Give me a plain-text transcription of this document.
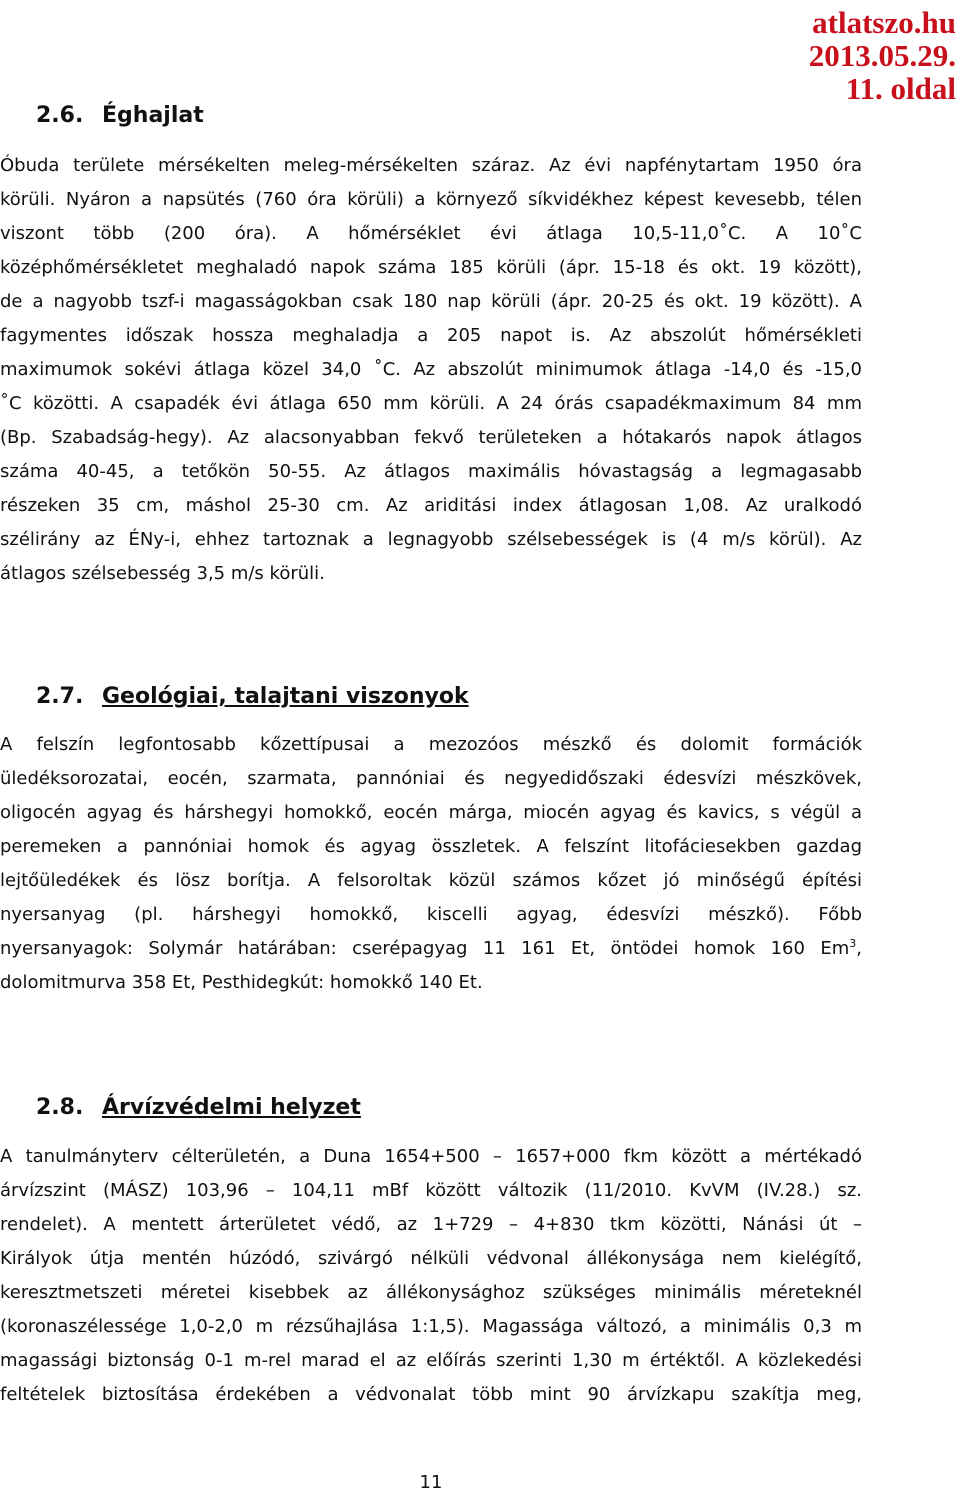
atlatszo.hu
2013.05.29.
11. oldal
2.6. Éghajlat
Óbuda területe mérsékelten meleg-mérsékelten száraz. Az évi napfénytartam 1950 óra
körüli. Nyáron a napsütés (760 óra körüli) a környező síkvidékhez képest kevesebb, télen
viszont több (200 óra). A hőmérséklet évi átlaga 10,5-11,0˚C. A 10˚C
középhőmérsékletet meghaladó napok száma 185 körüli (ápr. 15-18 és okt. 19 között),
de a nagyobb tszf-i magasságokban csak 180 nap körüli (ápr. 20-25 és okt. 19 között). A
fagymentes időszak hossza meghaladja a 205 napot is. Az abszolút hőmérsékleti
maximumok sokévi átlaga közel 34,0 ˚C. Az abszolút minimumok átlaga -14,0 és -15,0
˚C közötti. A csapadék évi átlaga 650 mm körüli. A 24 órás csapadékmaximum 84 mm
(Bp. Szabadság-hegy). Az alacsonyabban fekvő területeken a hótakarós napok átlagos
száma 40-45, a tetőkön 50-55. Az átlagos maximális hóvastagság a legmagasabb
részeken 35 cm, máshol 25-30 cm. Az ariditási index átlagosan 1,08. Az uralkodó
szélirány az ÉNy-i, ehhez tartoznak a legnagyobb szélsebességek is (4 m/s körül). Az
átlagos szélsebesség 3,5 m/s körüli.
2.7. Geológiai, talajtani viszonyok
A felszín legfontosabb kőzettípusai a mezozóos mészkő és dolomit formációk
üledéksorozatai, eocén, szarmata, pannóniai és negyedidőszaki édesvízi mészkövek,
oligocén agyag és hárshegyi homokkő, eocén márga, miocén agyag és kavics, s végül a
peremeken a pannóniai homok és agyag összletek. A felszínt litofáciesekben gazdag
lejtőüledékek és lösz borítja. A felsoroltak közül számos kőzet jó minőségű építési
nyersanyag (pl. hárshegyi homokkő, kiscelli agyag, édesvízi mészkő). Főbb
nyersanyagok: Solymár határában: cserépagyag 11 161 Et, öntödei homok 160 Em$^3$,
dolomitmurva 358 Et, Pesthidegkút: homokkő 140 Et.
2.8. Árvízvédelmi helyzet
A tanulmányterv célterületén, a Duna 1654+500 – 1657+000 fkm között a mértékadó
árvízszint (MÁSZ) 103,96 – 104,11 mBf között változik (11/2010. KvVM (IV.28.) sz.
rendelet). A mentett árterületet védő, az 1+729 – 4+830 tkm közötti, Nánási út –
Királyok útja mentén húzódó, szivárgó nélküli védvonal állékonysága nem kielégítő,
keresztmetszeti méretei kisebbek az állékonysághoz szükséges minimális méreteknél
(koronaszélessége 1,0-2,0 m rézsűhajlása 1:1,5). Magassága változó, a minimális 0,3 m
magassági biztonság 0-1 m-rel marad el az előírás szerinti 1,30 m értéktől. A közlekedési
feltételek biztosítása érdekében a védvonalat több mint 90 árvízkapu szakítja meg,
11
